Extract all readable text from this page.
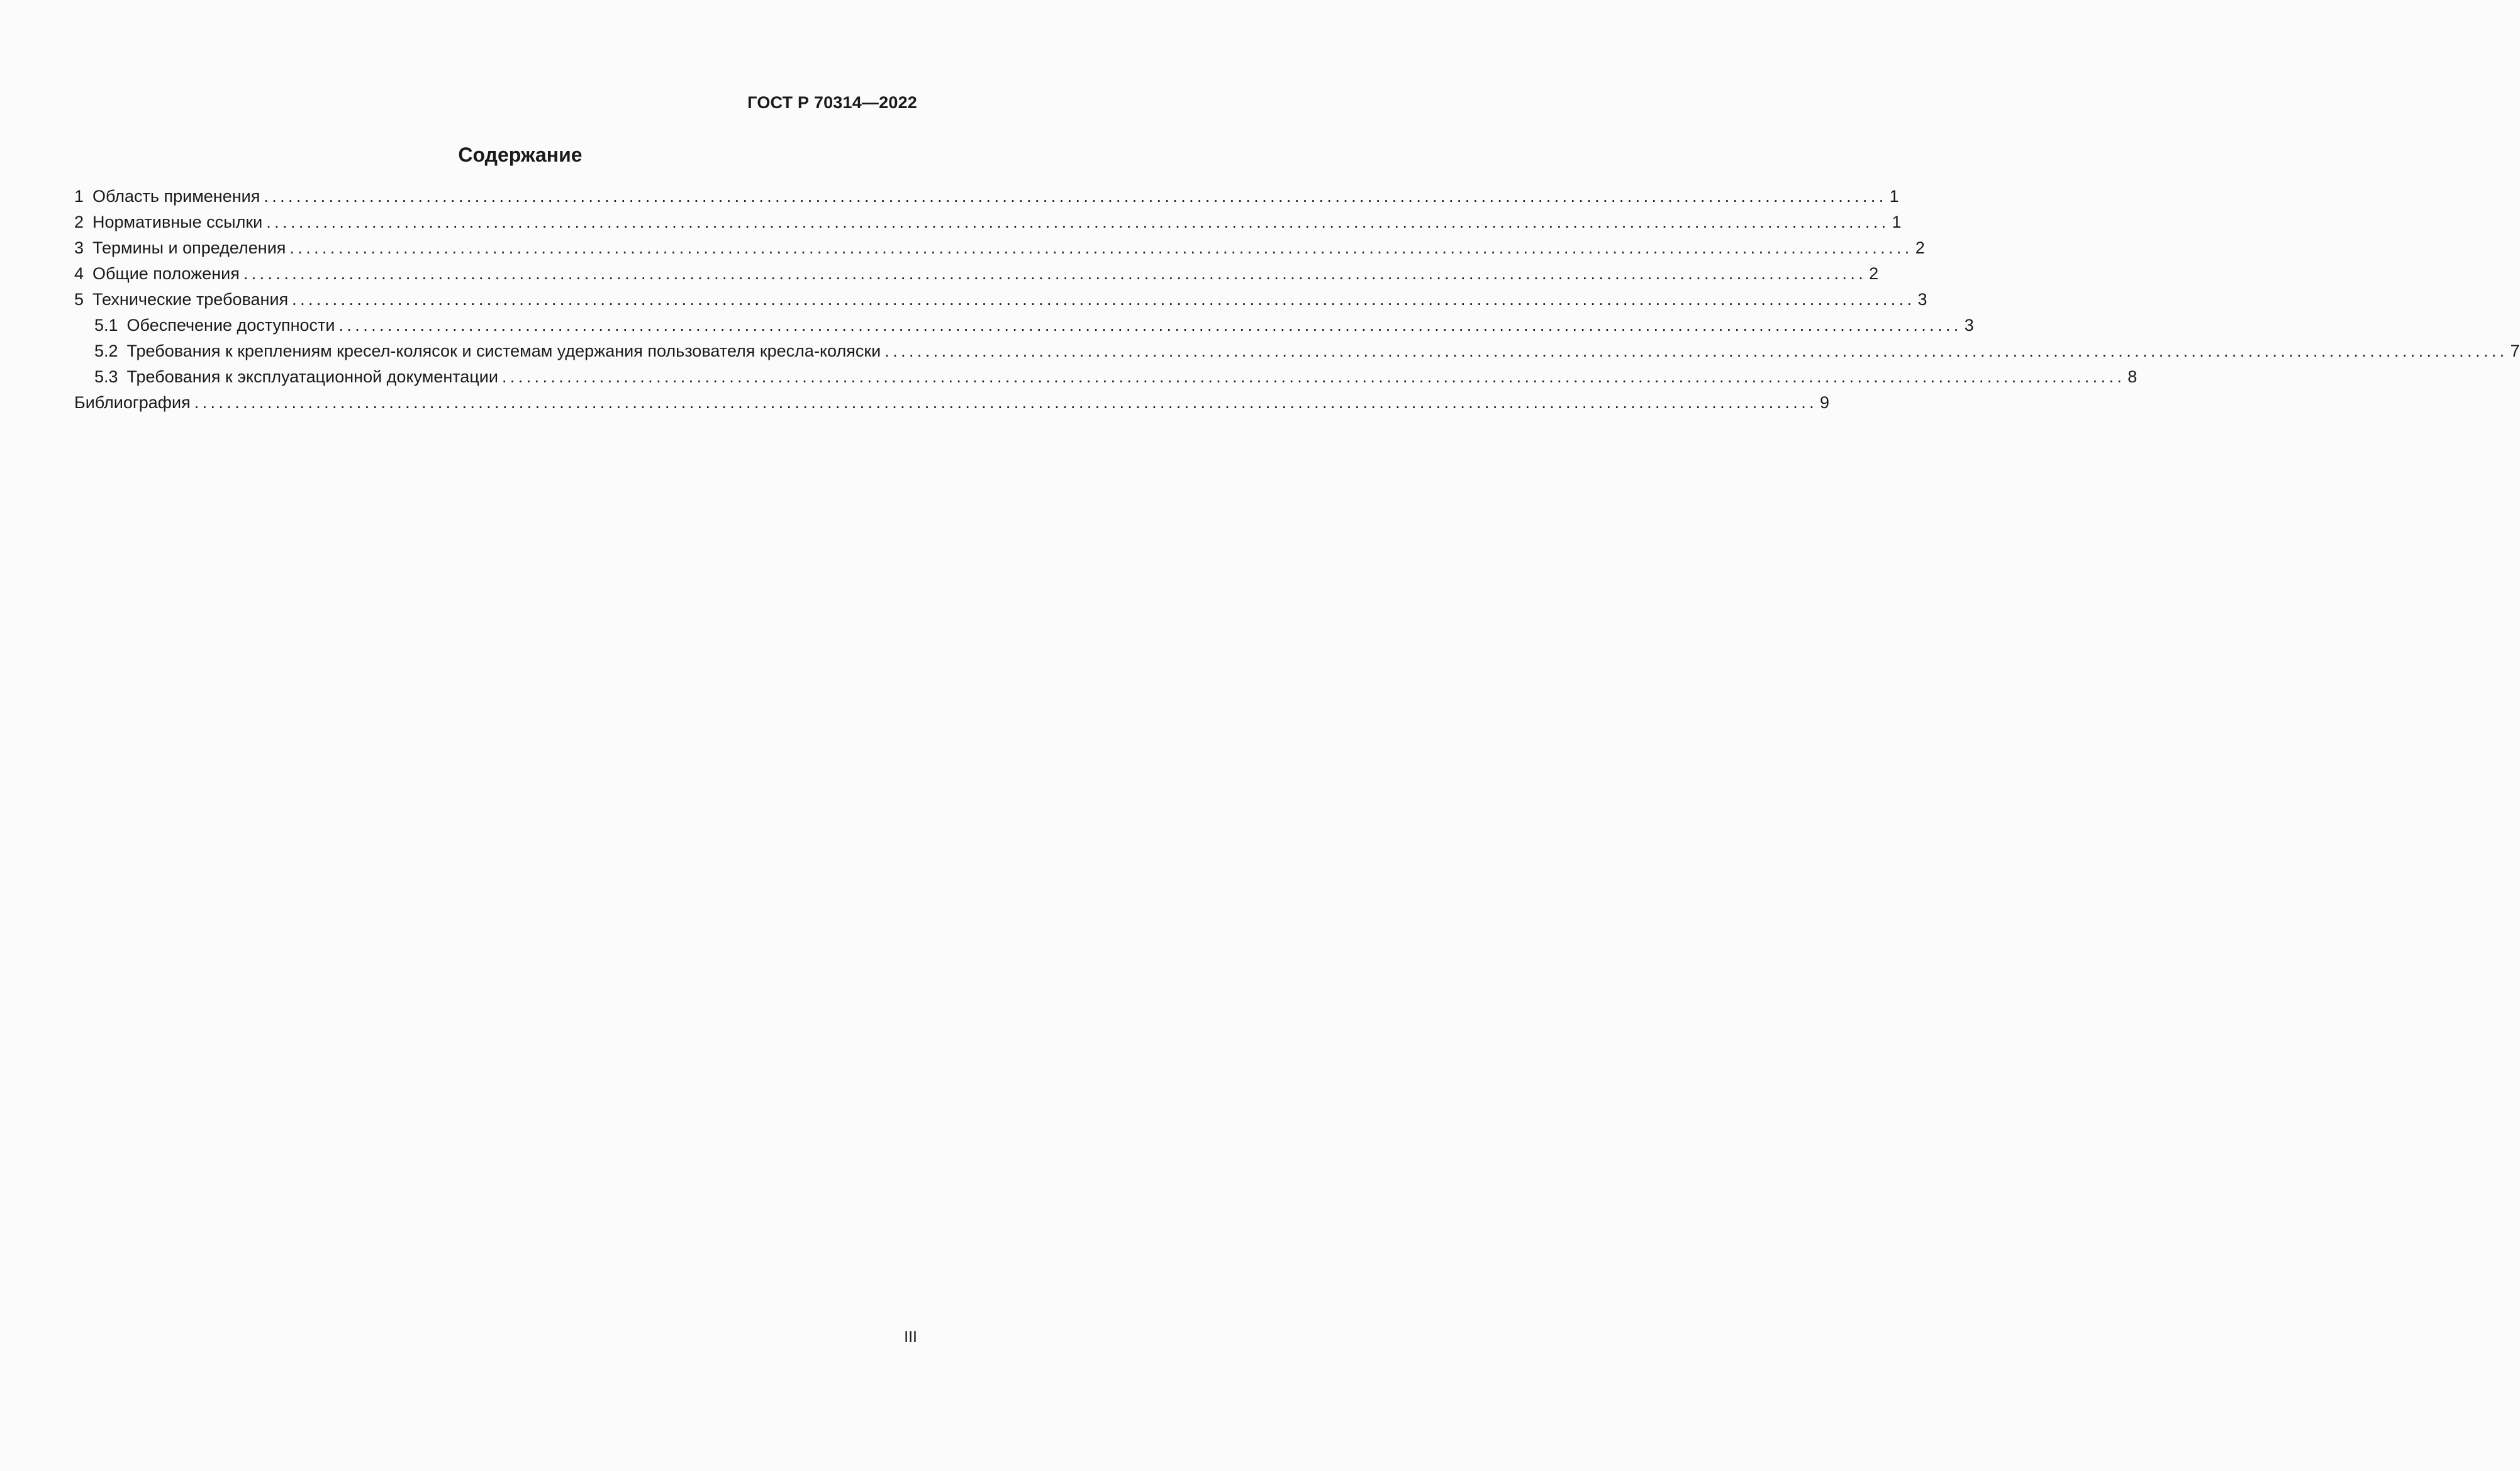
ГОСТ Р 70314—2022
Содержание
1 Область применения ........................................................................................................................................................................................................ 1
2 Нормативные ссылки ........................................................................................................................................................................................................ 1
3 Термины и определения ........................................................................................................................................................................................................ 2
4 Общие положения ........................................................................................................................................................................................................ 2
5 Технические требования ........................................................................................................................................................................................................ 3
5.1 Обеспечение доступности ........................................................................................................................................................................................................ 3
5.2 Требования к креплениям кресел-колясок и системам удержания пользователя кресла-коляски ........................................................................................................................................................................................................ 7
5.3 Требования к эксплуатационной документации ........................................................................................................................................................................................................ 8
Библиография ........................................................................................................................................................................................................ 9
III
